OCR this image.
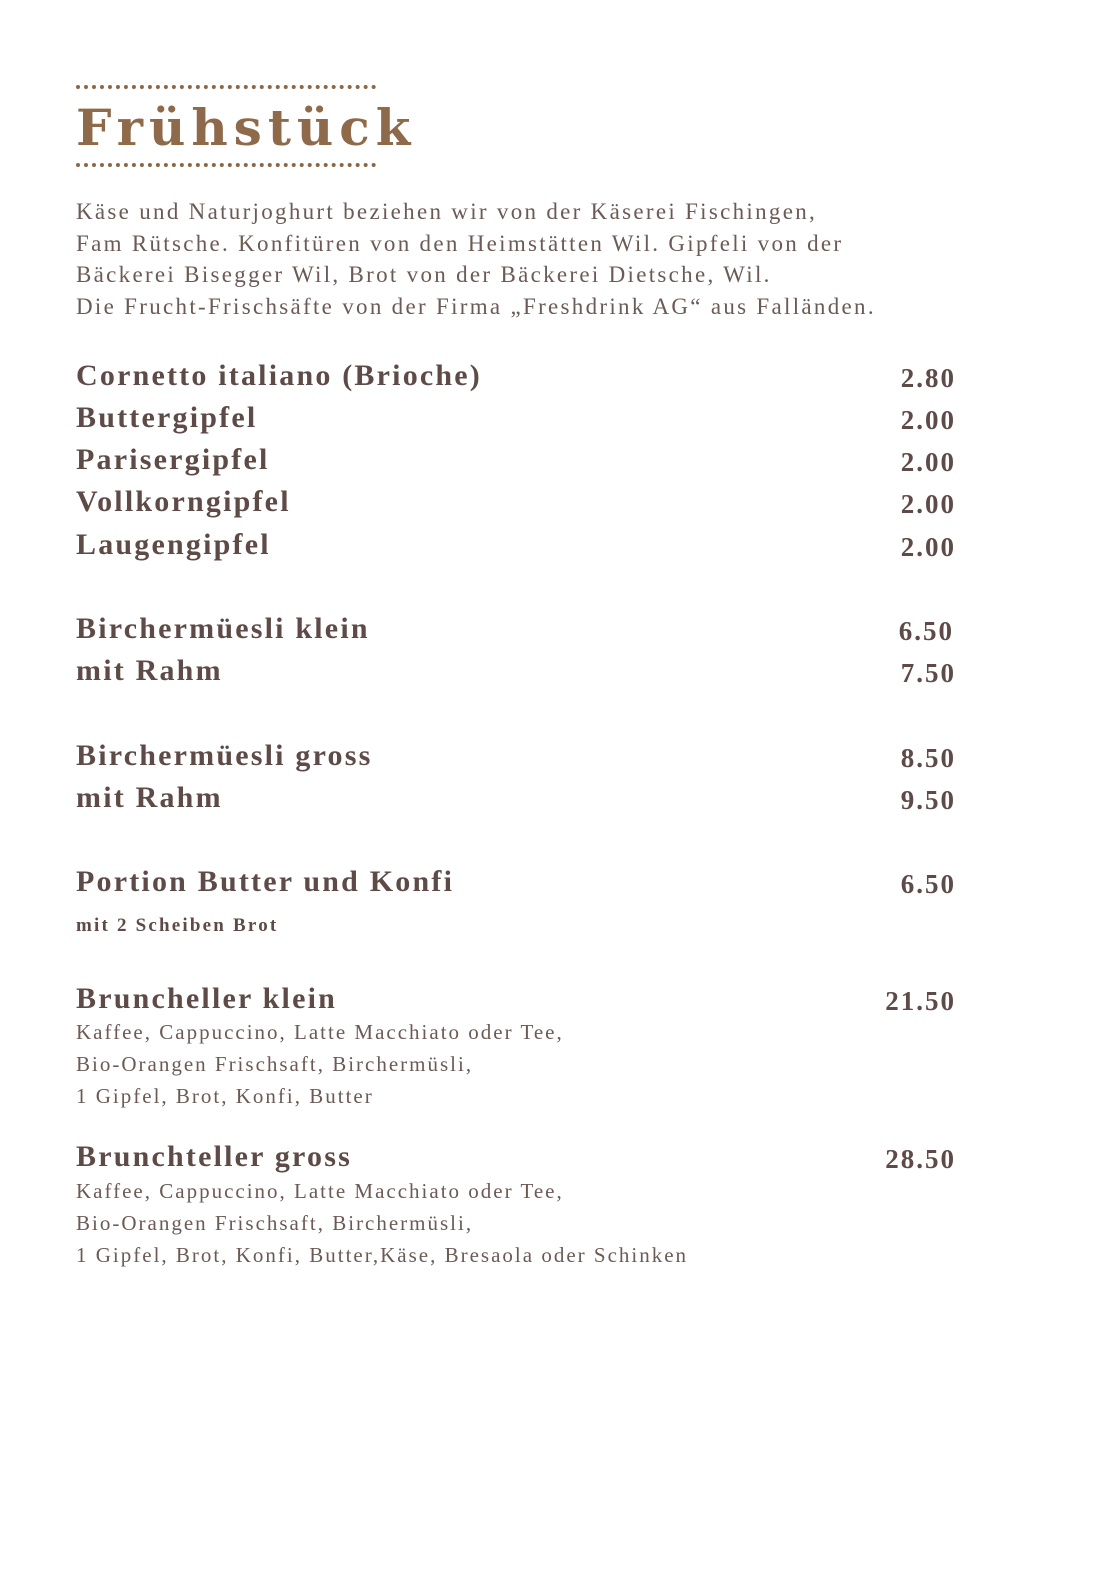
Frühstück
Käse und Naturjoghurt beziehen wir von der Käserei Fischingen,
Fam Rütsche. Konfitüren von den Heimstätten Wil. Gipfeli von der
Bäckerei Bisegger Wil, Brot von der Bäckerei Dietsche, Wil.
Die Frucht-Frischsäfte von der Firma „Freshdrink AG“ aus Falländen.
Cornetto italiano (Brioche)	2.80
Buttergipfel	2.00
Parisergipfel	2.00
Vollkorngipfel	2.00
Laugengipfel	2.00
Birchermüesli klein	6.50
mit Rahm	7.50
Birchermüesli gross	8.50
mit Rahm	9.50
Portion Butter und Konfi	6.50
mit 2 Scheiben Brot
Bruncheller klein	21.50
Kaffee, Cappuccino, Latte Macchiato oder Tee,
Bio-Orangen Frischsaft, Birchermüsli,
1 Gipfel, Brot, Konfi, Butter
Brunchteller gross	28.50
Kaffee, Cappuccino, Latte Macchiato oder Tee,
Bio-Orangen Frischsaft, Birchermüsli,
1 Gipfel, Brot, Konfi, Butter,Käse, Bresaola oder Schinken
